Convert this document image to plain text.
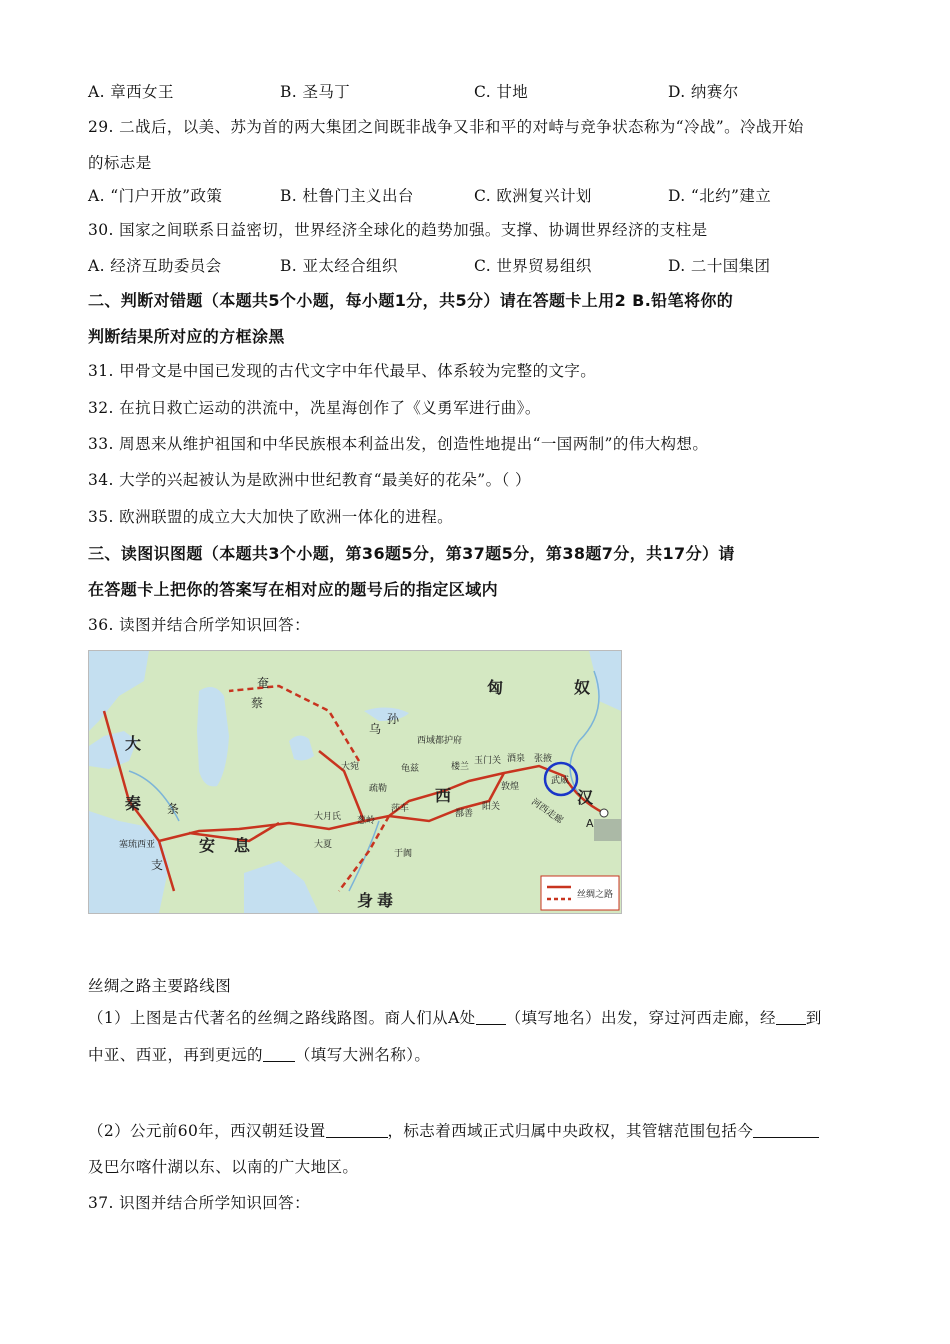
A. 章西女王	B. 圣马丁	C. 甘地	D. 纳赛尔
29. 二战后，以美、苏为首的两大集团之间既非战争又非和平的对峙与竞争状态称为“冷战”。冷战开始
的标志是
A. “门户开放”政策	B. 杜鲁门主义出台	C. 欧洲复兴计划	D. “北约”建立
30. 国家之间联系日益密切，世界经济全球化的趋势加强。支撑、协调世界经济的支柱是
A. 经济互助委员会	B. 亚太经合组织	C. 世界贸易组织	D. 二十国集团
二、判断对错题（本题共5个小题，每小题1分，共5分）请在答题卡上用2 B.铅笔将你的
判断结果所对应的方框涂黑
31. 甲骨文是中国已发现的古代文字中年代最早、体系较为完整的文字。
32. 在抗日救亡运动的洪流中，冼星海创作了《义勇军进行曲》。
33. 周恩来从维护祖国和中华民族根本利益出发，创造性地提出“一国两制”的伟大构想。
34. 大学的兴起被认为是欧洲中世纪教育“最美好的花朵”。（ ）
35. 欧洲联盟的成立大大加快了欧洲一体化的进程。
三、读图识图题（本题共3个小题，第36题5分，第37题5分，第38题7分，共17分）请
在答题卡上把你的答案写在相对应的题号后的指定区域内
36. 读图并结合所学知识回答：
匈	奴
汉
西
大
秦
安 息
身 毒
奄
蔡
乌
孙
条
支
塞琉西亚
大月氏
大夏
大宛
疏勒
葱岭
莎车
于阗
龟兹	楼兰
鄯善
西域都护府
玉门关
阳关
酒泉 张掖
敦煌
武威
河西走廊 A
丝绸之路
丝绸之路主要路线图
（1）上图是古代著名的丝绸之路线路图。商人们从A处 （填写地名）出发，穿过河西走廊，经 到
中亚、西亚，再到更远的 （填写大洲名称）。
（2）公元前60年，西汉朝廷设置	，标志着西域正式归属中央政权，其管辖范围包括今
及巴尔喀什湖以东、以南的广大地区。
37. 识图并结合所学知识回答：
